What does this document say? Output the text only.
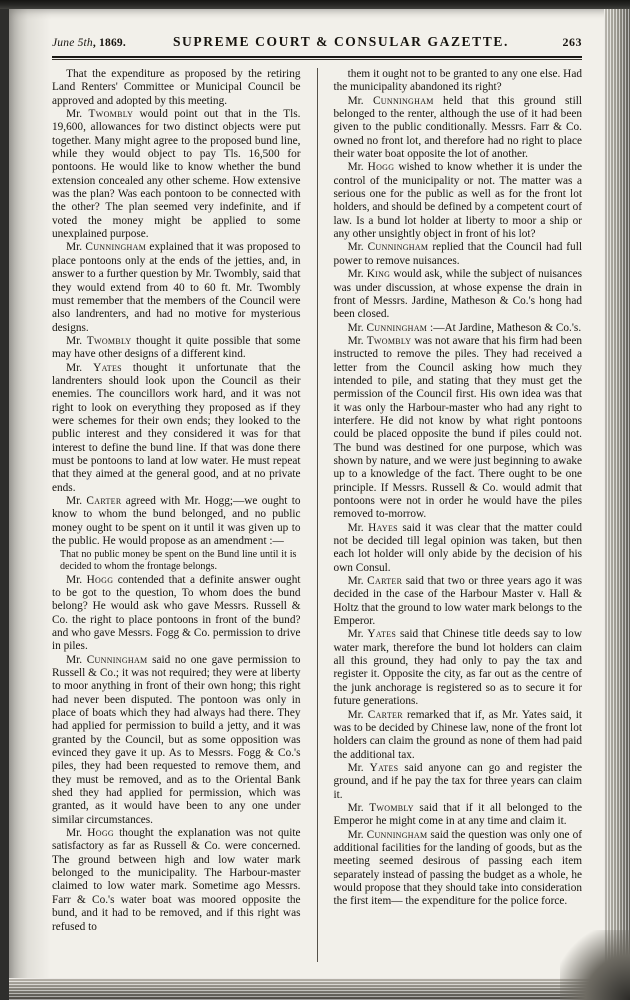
June 5th, 1869.	SUPREME COURT & CONSULAR GAZETTE.	263

That the expenditure as proposed by the retiring Land Renters' Committee or Municipal Council be approved and adopted by this meeting.

Mr. Twombly would point out that in the Tls. 19,600, allowances for two distinct objects were put together. Many might agree to the proposed bund line, while they would object to pay Tls. 16,500 for pontoons. He would like to know whether the bund extension concealed any other scheme. How extensive was the plan? Was each pontoon to be connected with the other? The plan seemed very indefinite, and if voted the money might be applied to some unexplained purpose.

Mr. Cunningham explained that it was proposed to place pontoons only at the ends of the jetties, and, in answer to a further question by Mr. Twombly, said that they would extend from 40 to 60 ft. Mr. Twombly must remember that the members of the Council were also landrenters, and had no motive for mysterious designs.

Mr. Twombly thought it quite possible that some may have other designs of a different kind.

Mr. Yates thought it unfortunate that the landrenters should look upon the Council as their enemies. The councillors work hard, and it was not right to look on everything they proposed as if they were schemes for their own ends; they looked to the public interest and they considered it was for that interest to define the bund line. If that was done there must be pontoons to land at low water. He must repeat that they aimed at the general good, and at no private ends.

Mr. Carter agreed with Mr. Hogg;—we ought to know to whom the bund belonged, and no public money ought to be spent on it until it was given up to the public. He would propose as an amendment :—

That no public money be spent on the Bund line until it is decided to whom the frontage belongs.

Mr. Hogg contended that a definite answer ought to be got to the question, To whom does the bund belong? He would ask who gave Messrs. Russell & Co. the right to place pontoons in front of the bund? and who gave Messrs. Fogg & Co. permission to drive in piles.

Mr. Cunningham said no one gave permission to Russell & Co.; it was not required; they were at liberty to moor anything in front of their own hong; this right had never been disputed. The pontoon was only in place of boats which they had always had there. They had applied for permission to build a jetty, and it was granted by the Council, but as some opposition was evinced they gave it up. As to Messrs. Fogg & Co.'s piles, they had been requested to remove them, and they must be removed, and as to the Oriental Bank shed they had applied for permission, which was granted, as it would have been to any one under similar circumstances.

Mr. Hogg thought the explanation was not quite satisfactory as far as Russell & Co. were concerned. The ground between high and low water mark belonged to the municipality. The Harbour-master claimed to low water mark. Sometime ago Messrs. Farr & Co.'s water boat was moored opposite the bund, and it had to be removed, and if this right was refused to

them it ought not to be granted to any one else. Had the municipality abandoned its right?

Mr. Cunningham held that this ground still belonged to the renter, although the use of it had been given to the public conditionally. Messrs. Farr & Co. owned no front lot, and therefore had no right to place their water boat opposite the lot of another.

Mr. Hogg wished to know whether it is under the control of the municipality or not. The matter was a serious one for the public as well as for the front lot holders, and should be defined by a competent court of law. Is a bund lot holder at liberty to moor a ship or any other unsightly object in front of his lot?

Mr. Cunningham replied that the Council had full power to remove nuisances.

Mr. King would ask, while the subject of nuisances was under discussion, at whose expense the drain in front of Messrs. Jardine, Matheson & Co.'s hong had been closed.

Mr. Cunningham :—At Jardine, Matheson & Co.'s.

Mr. Twombly was not aware that his firm had been instructed to remove the piles. They had received a letter from the Council asking how much they intended to pile, and stating that they must get the permission of the Council first. His own idea was that it was only the Harbour-master who had any right to interfere. He did not know by what right pontoons could be placed opposite the bund if piles could not. The bund was destined for one purpose, which was shown by nature, and we were just beginning to awake up to a knowledge of the fact. There ought to be one principle. If Messrs. Russell & Co. would admit that pontoons were not in order he would have the piles removed to-morrow.

Mr. Hayes said it was clear that the matter could not be decided till legal opinion was taken, but then each lot holder will only abide by the decision of his own Consul.

Mr. Carter said that two or three years ago it was decided in the case of the Harbour Master v. Hall & Holtz that the ground to low water mark belongs to the Emperor.

Mr. Yates said that Chinese title deeds say to low water mark, therefore the bund lot holders can claim all this ground, they had only to pay the tax and register it. Opposite the city, as far out as the centre of the junk anchorage is registered so as to secure it for future generations.

Mr. Carter remarked that if, as Mr. Yates said, it was to be decided by Chinese law, none of the front lot holders can claim the ground as none of them had paid the additional tax.

Mr. Yates said anyone can go and register the ground, and if he pay the tax for three years can claim it.

Mr. Twombly said that if it all belonged to the Emperor he might come in at any time and claim it.

Mr. Cunningham said the question was only one of additional facilities for the landing of goods, but as the meeting seemed desirous of passing each item separately instead of passing the budget as a whole, he would propose that they should take into consideration the first item— the expenditure for the police force.
